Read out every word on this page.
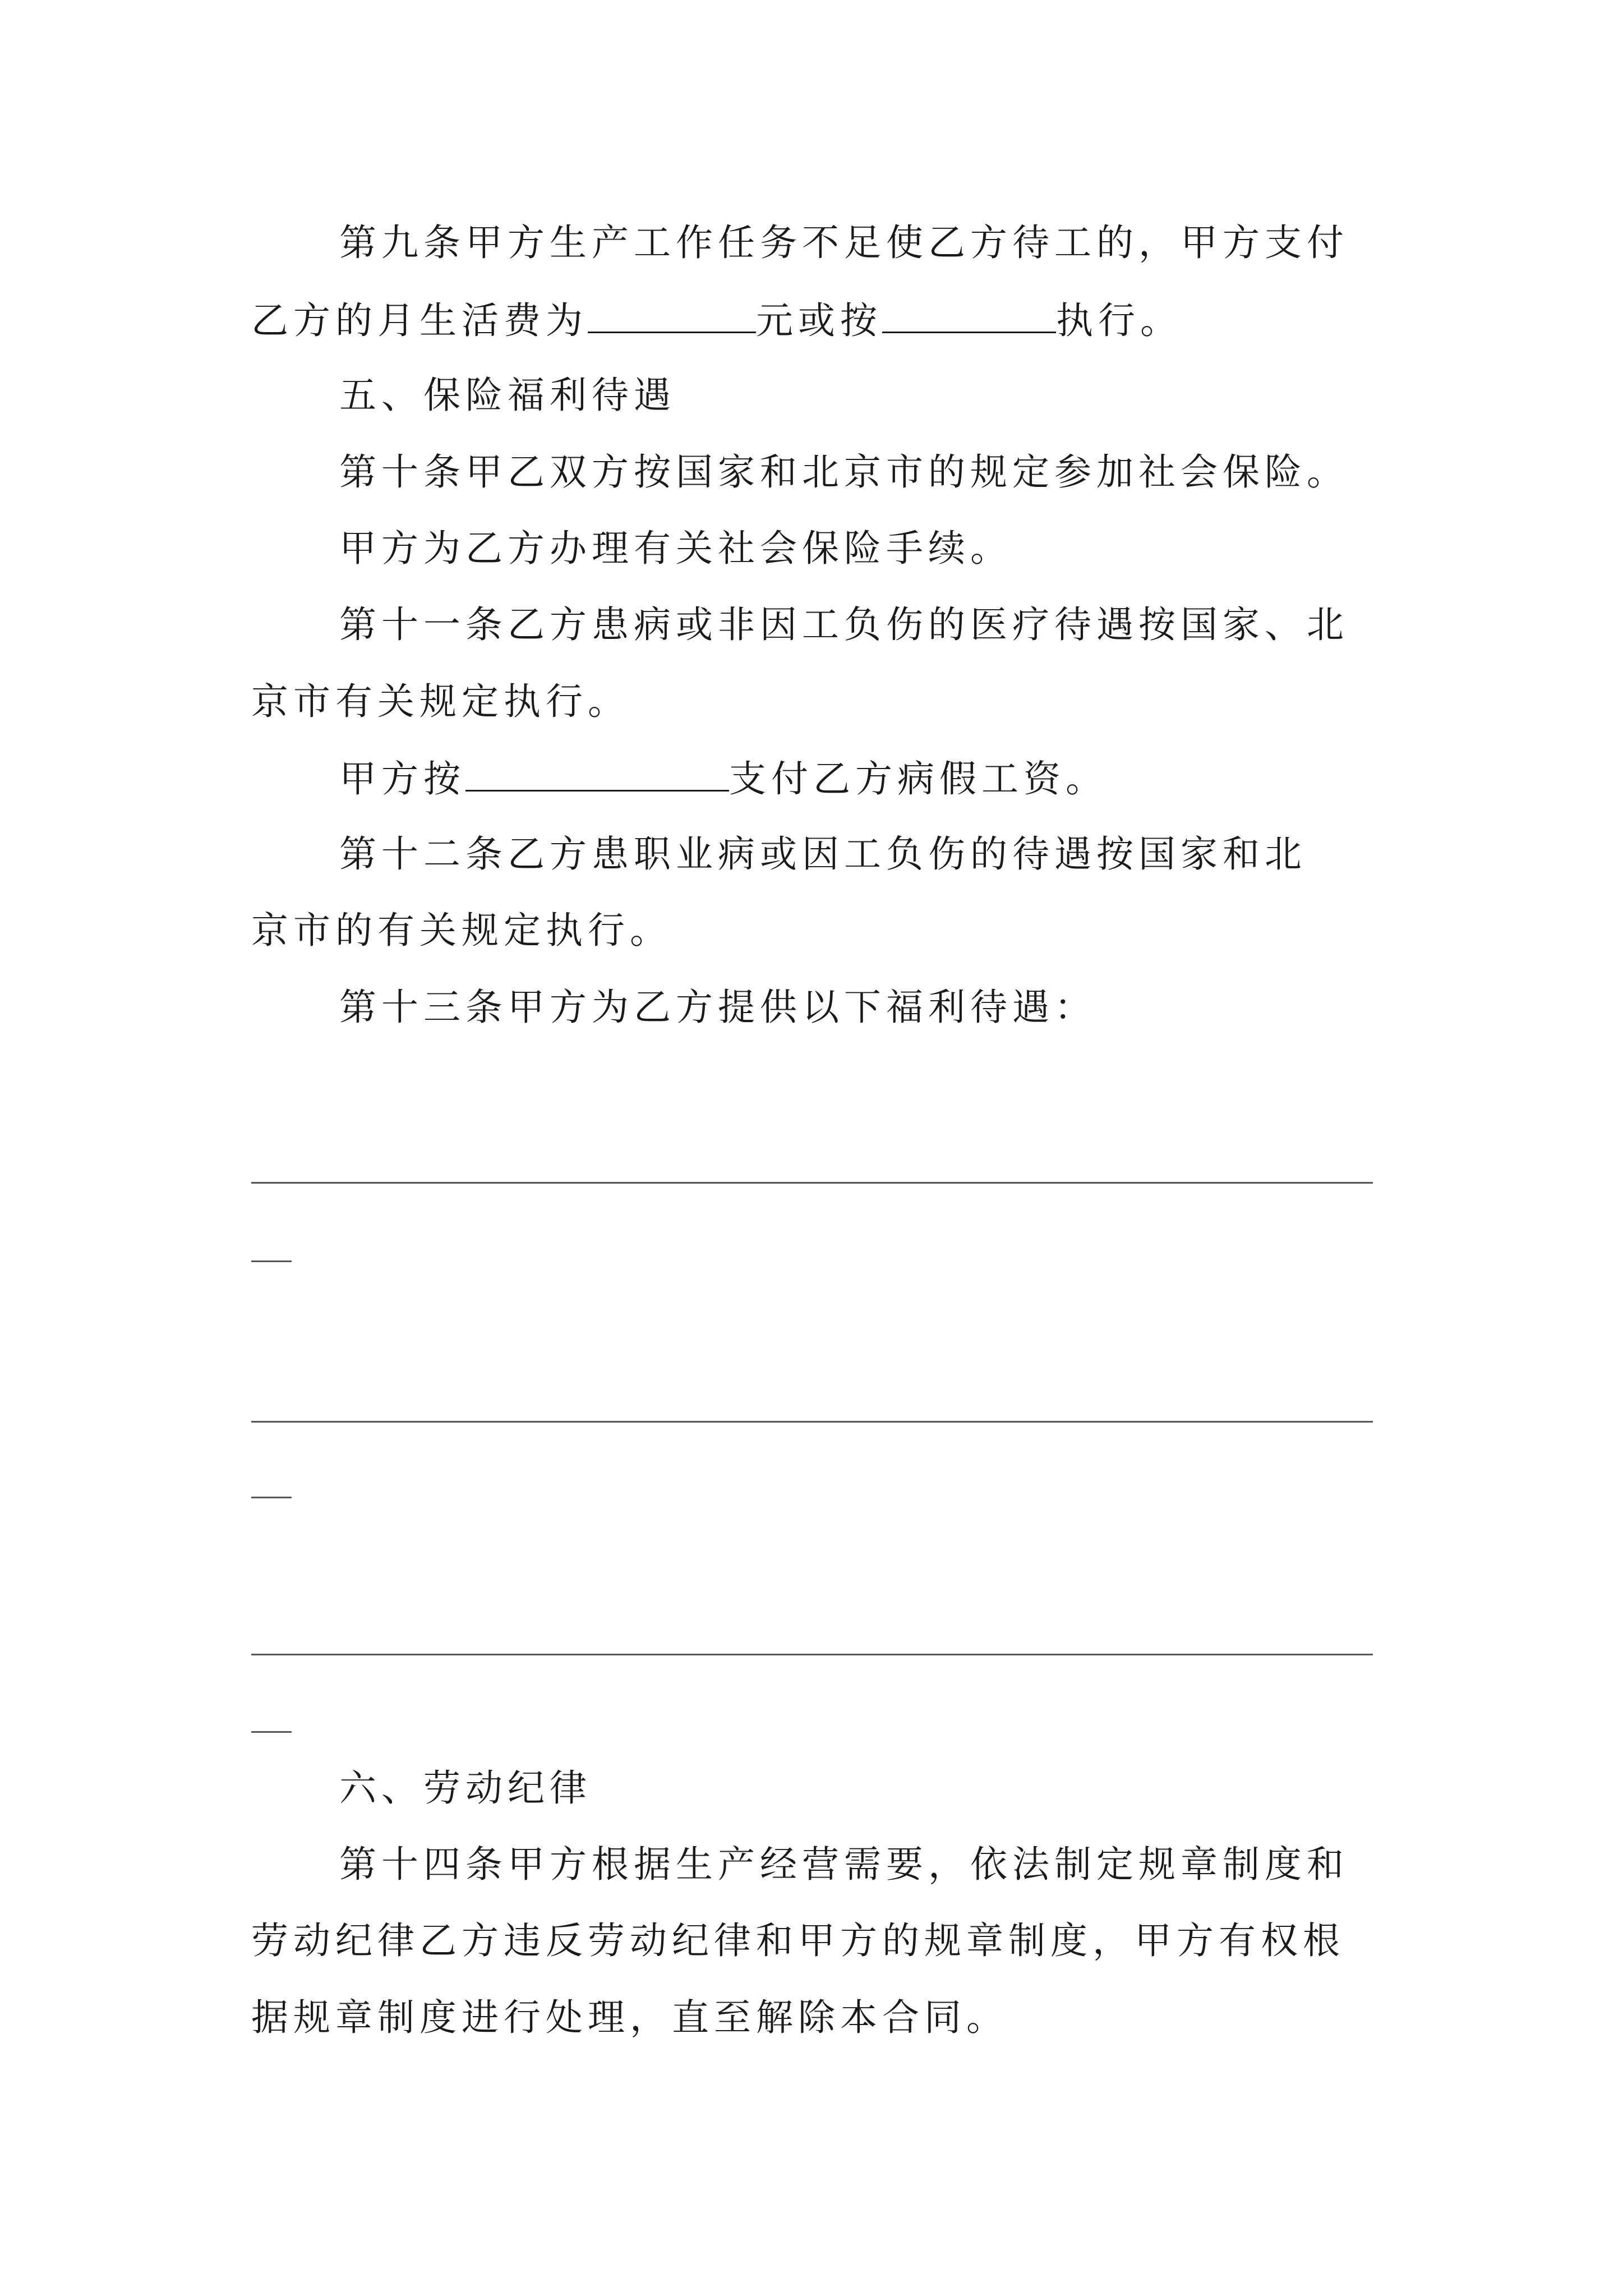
第九条甲方生产工作任务不足使乙方待工的，甲方支付
乙方的月生活费为	元或按	执行。
五、保险福利待遇
第十条甲乙双方按国家和北京市的规定参加社会保险。
甲方为乙方办理有关社会保险手续。
第十一条乙方患病或非因工负伤的医疗待遇按国家、北
京市有关规定执行。
甲方按	支付乙方病假工资。
第十二条乙方患职业病或因工负伤的待遇按国家和北
京市的有关规定执行。
第十三条甲方为乙方提供以下福利待遇：
六、劳动纪律
第十四条甲方根据生产经营需要，依法制定规章制度和
劳动纪律乙方违反劳动纪律和甲方的规章制度，甲方有权根
据规章制度进行处理，直至解除本合同。
